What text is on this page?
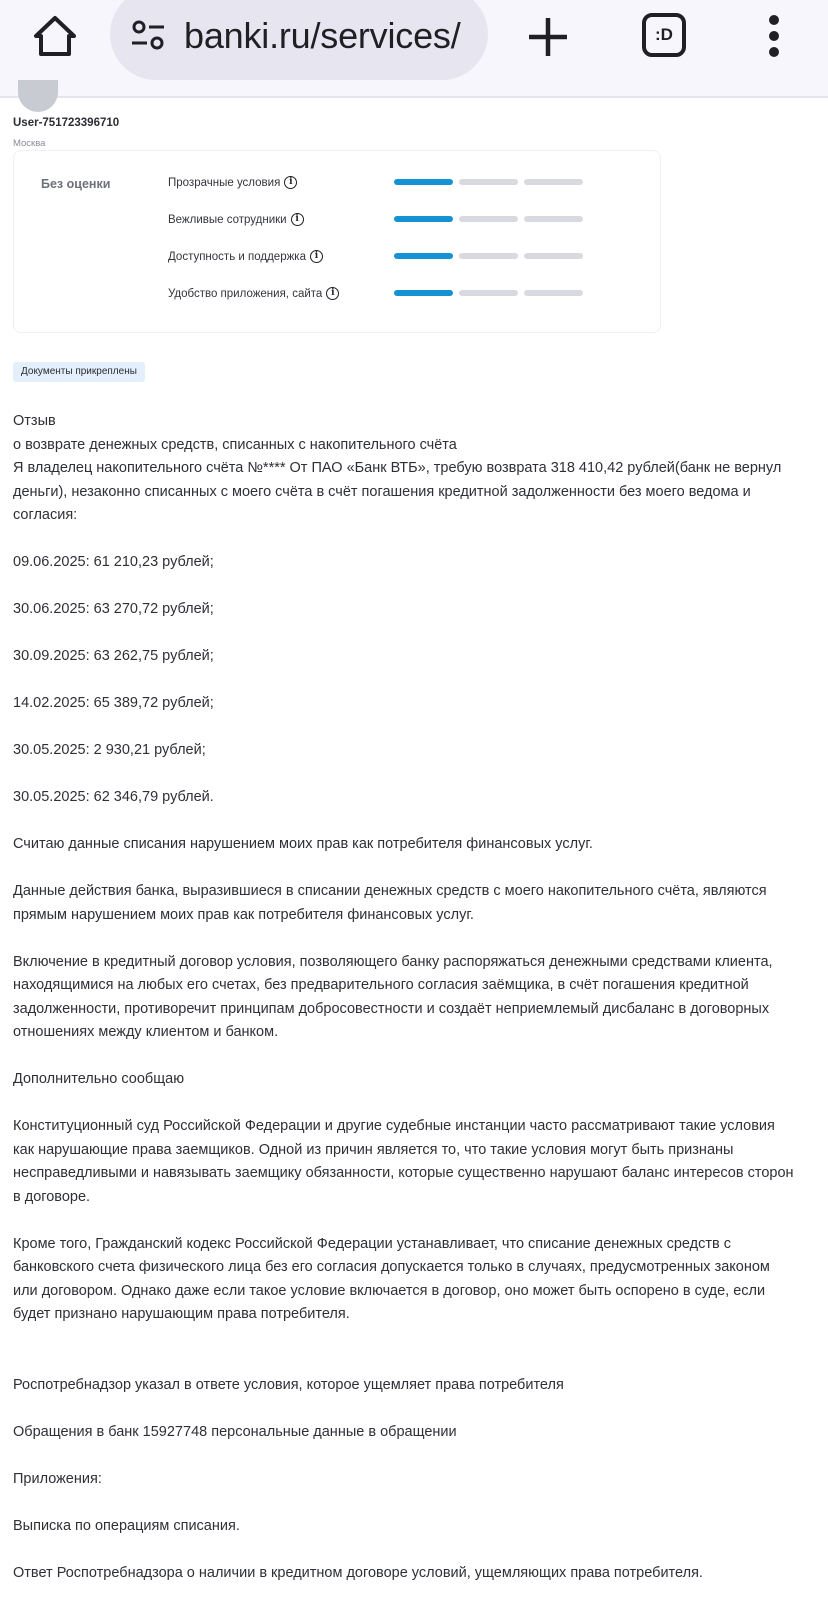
banki.ru/services/	:D
User-751723396710
Москва
Без оценки	Прозрачные условия i
Вежливые сотрудники i
Доступность и поддержка i
Удобство приложения, сайта i
Документы прикреплены

Отзыв

о возврате денежных средств, списанных с накопительного счёта

Я владелец накопительного счёта №**** От ПАО «Банк ВТБ», требую возврата 318 410,42 рублей(банк не вернул

деньги), незаконно списанных с моего счёта в счёт погашения кредитной задолженности без моего ведома и

согласия:

09.06.2025: 61 210,23 рублей;

30.06.2025: 63 270,72 рублей;

30.09.2025: 63 262,75 рублей;

14.02.2025: 65 389,72 рублей;

30.05.2025: 2 930,21 рублей;

30.05.2025: 62 346,79 рублей.

Считаю данные списания нарушением моих прав как потребителя финансовых услуг.

Данные действия банка, выразившиеся в списании денежных средств с моего накопительного счёта, являются

прямым нарушением моих прав как потребителя финансовых услуг.

Включение в кредитный договор условия, позволяющего банку распоряжаться денежными средствами клиента,

находящимися на любых его счетах, без предварительного согласия заёмщика, в счёт погашения кредитной

задолженности, противоречит принципам добросовестности и создаёт неприемлемый дисбаланс в договорных

отношениях между клиентом и банком.

Дополнительно сообщаю

Конституционный суд Российской Федерации и другие судебные инстанции часто рассматривают такие условия

как нарушающие права заемщиков. Одной из причин является то, что такие условия могут быть признаны

несправедливыми и навязывать заемщику обязанности, которые существенно нарушают баланс интересов сторон

в договоре.

Кроме того, Гражданский кодекс Российской Федерации устанавливает, что списание денежных средств с

банковского счета физического лица без его согласия допускается только в случаях, предусмотренных законом

или договором. Однако даже если такое условие включается в договор, оно может быть оспорено в суде, если

будет признано нарушающим права потребителя.

Роспотребнадзор указал в ответе условия, которое ущемляет права потребителя

Обращения в банк 15927748 персональные данные в обращении

Приложения:

Выписка по операциям списания.

Ответ Роспотребнадзора о наличии в кредитном договоре условий, ущемляющих права потребителя.
